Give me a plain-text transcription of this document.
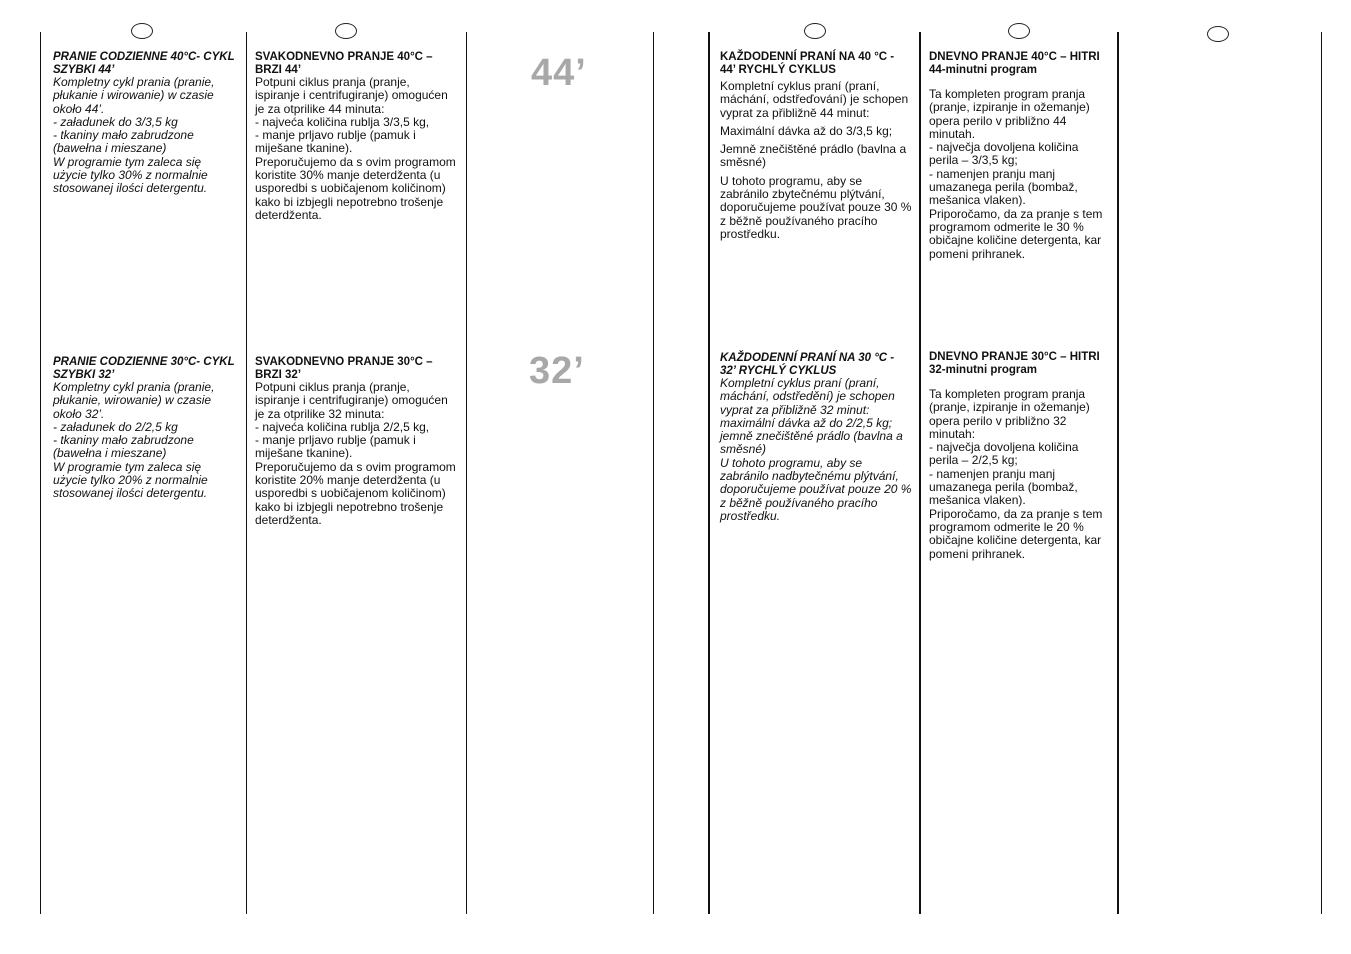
PRANIE CODZIENNE 40°C- CYKL SZYBKI 44’
Kompletny cykl prania (pranie, płukanie i wirowanie) w czasie około 44’.
- załadunek do 3/3,5 kg
- tkaniny mało zabrudzone (bawełna i mieszane)
W programie tym zaleca się użycie tylko 30% z normalnie stosowanej ilości detergentu.
PRANIE CODZIENNE 30°C- CYKL SZYBKI 32’
Kompletny cykl prania (pranie, płukanie, wirowanie) w czasie około 32’.
- załadunek do 2/2,5 kg
- tkaniny mało zabrudzone (bawełna i mieszane)
W programie tym zaleca się użycie tylko 20% z normalnie stosowanej ilości detergentu.
SVAKODNEVNO PRANJE 40°C – BRZI 44’
Potpuni ciklus pranja (pranje, ispiranje i centrifugiranje) omogućen je za otprilike 44 minuta:
- najveća količina rublja 3/3,5 kg,
- manje prljavo rublje (pamuk i miješane tkanine).
Preporučujemo da s ovim programom koristite 30% manje deterdženta (u usporedbi s uobičajenom količinom) kako bi izbjegli nepotrebno trošenje deterdženta.
SVAKODNEVNO PRANJE 30°C – BRZI 32’
Potpuni ciklus pranja (pranje, ispiranje i centrifugiranje) omogućen je za otprilike 32 minuta:
- najveća količina rublja 2/2,5 kg,
- manje prljavo rublje (pamuk i miješane tkanine).
Preporučujemo da s ovim programom koristite 20% manje deterdženta (u usporedbi s uobičajenom količinom) kako bi izbjegli nepotrebno trošenje deterdženta.
44’
32’
KAŽDODENNÍ PRANÍ NA 40 °C - 44’ RYCHLÝ CYKLUS

Kompletní cyklus praní (praní, máchání, odstřeďování) je schopen vyprat za přibližně 44 minut:

Maximální dávka až do 3/3,5 kg;

Jemně znečištěné prádlo (bavlna a směsné)

U tohoto programu, aby se zabránilo zbytečnému plýtvání, doporučujeme používat pouze 30 % z běžně používaného pracího prostředku.

KAŽDODENNÍ PRANÍ NA 30 °C - 32’ RYCHLÝ CYKLUS
Kompletní cyklus praní (praní, máchání, odstředění) je schopen vyprat za přibližně 32 minut:
maximální dávka až do 2/2,5 kg;
jemně znečištěné prádlo (bavlna a směsné)
U tohoto programu, aby se zabránilo nadbytečnému plýtvání, doporučujeme používat pouze 20 % z běžně používaného pracího prostředku.
DNEVNO PRANJE 40°C – HITRI 44-minutni program
Ta kompleten program pranja (pranje, izpiranje in ožemanje) opera perilo v približno 44 minutah.
- največja dovoljena količina perila – 3/3,5 kg;
- namenjen pranju manj umazanega perila (bombaž, mešanica vlaken).
Priporočamo, da za pranje s tem programom odmerite le 30 % običajne količine detergenta, kar pomeni prihranek.
DNEVNO PRANJE 30°C – HITRI 32-minutni program
Ta kompleten program pranja (pranje, izpiranje in ožemanje) opera perilo v približno 32 minutah:
- največja dovoljena količina perila – 2/2,5 kg;
- namenjen pranju manj umazanega perila (bombaž, mešanica vlaken).
Priporočamo, da za pranje s tem programom odmerite le 20 % običajne količine detergenta, kar pomeni prihranek.
